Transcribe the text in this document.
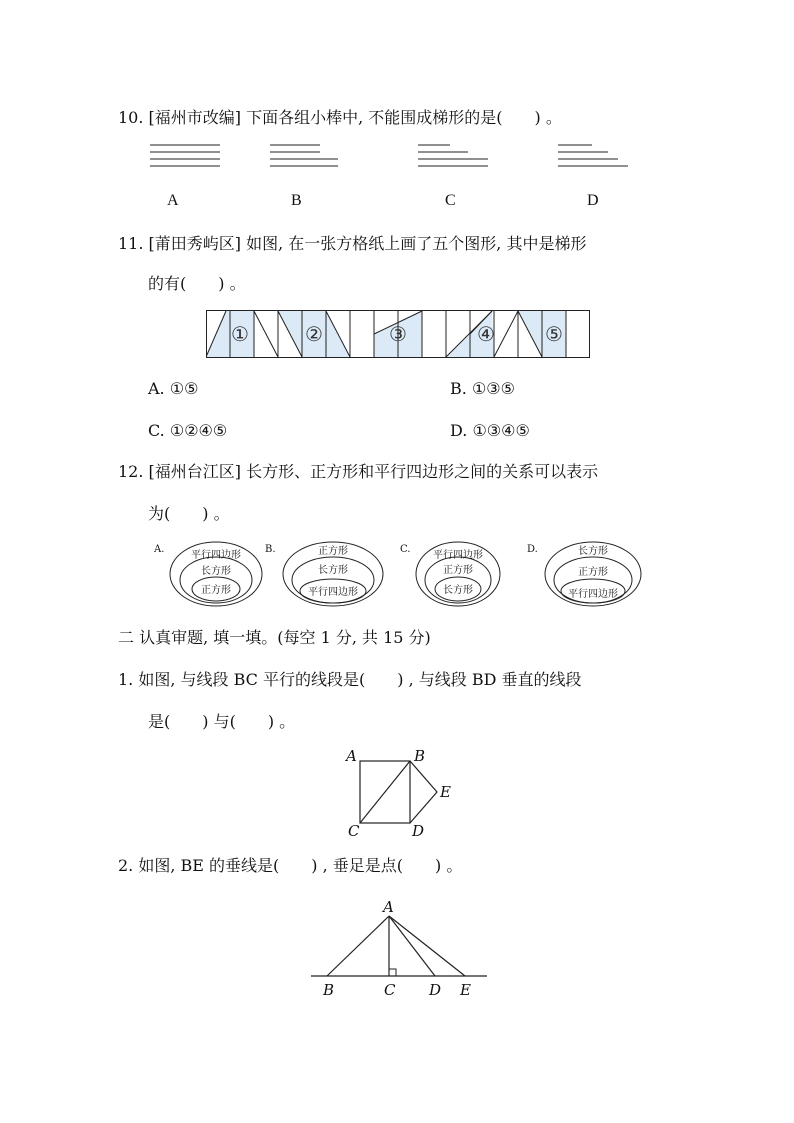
10. [福州市改编] 下面各组小棒中, 不能围成梯形的是(　　) 。
A	B	C	D
11. [莆田秀屿区] 如图, 在一张方格纸上画了五个图形, 其中是梯形
的有(　　) 。
①	②	③	④	⑤
A. ①⑤	B. ①③⑤
C. ①②④⑤	D. ①③④⑤
12. [福州台江区] 长方形、正方形和平行四边形之间的关系可以表示
为(　　) 。
A.	B.	C.	D.
平行四边形
长方形
正方形
正方形
长方形
平行四边形
平行四边形
正方形
长方形
长方形
正方形
平行四边形
二 认真审题, 填一填。(每空 1 分, 共 15 分)
1. 如图, 与线段 BC 平行的线段是(　　) , 与线段 BD 垂直的线段
是(　　) 与(　　) 。
A	B
C	D
E
2. 如图, BE 的垂线是(　　) , 垂足是点(　　) 。
A
B	C D E
